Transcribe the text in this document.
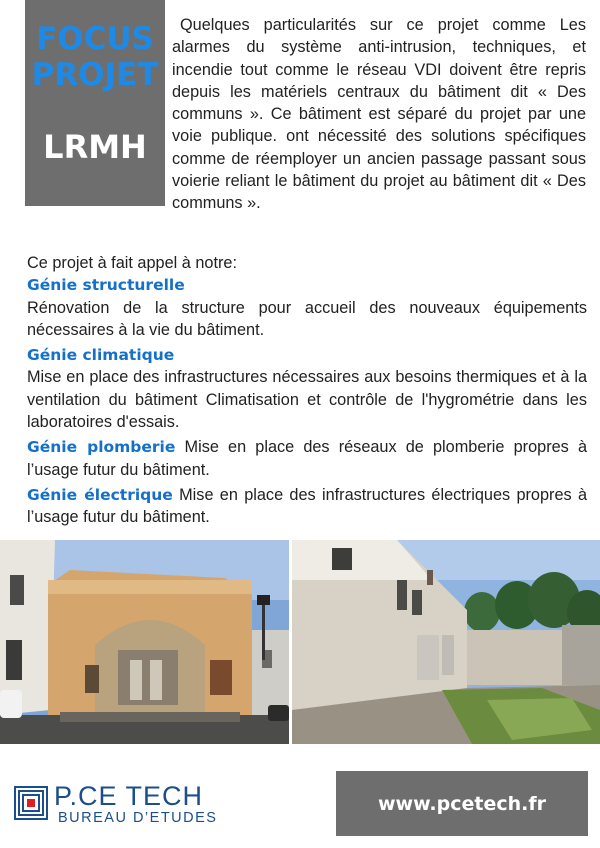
FOCUS
PROJET
LRMH

Quelques particularités sur ce projet comme Les alarmes du système anti-intrusion, techniques, et incendie tout comme le réseau VDI doivent être repris depuis les matériels centraux du bâtiment dit « Des communs ». Ce bâtiment est séparé du projet par une voie publique. ont nécessité des solutions spécifiques comme de réemployer un ancien passage passant sous voierie reliant le bâtiment du projet au bâtiment dit « Des communs ».

Ce projet à fait appel à notre:

Génie structurelle

Rénovation de la structure pour accueil des nouveaux équipements nécessaires à la vie du bâtiment.

Génie climatique

Mise en place des infrastructures nécessaires aux besoins thermiques et à la ventilation du bâtiment Climatisation et contrôle de l'hygrométrie dans les laboratoires d'essais.

Génie plomberie Mise en place des réseaux de plomberie propres à l’usage futur du bâtiment.

Génie électrique Mise en place des infrastructures électriques propres à l’usage futur du bâtiment.

P.CE TECH
BUREAU D’ETUDES
www.pcetech.fr
